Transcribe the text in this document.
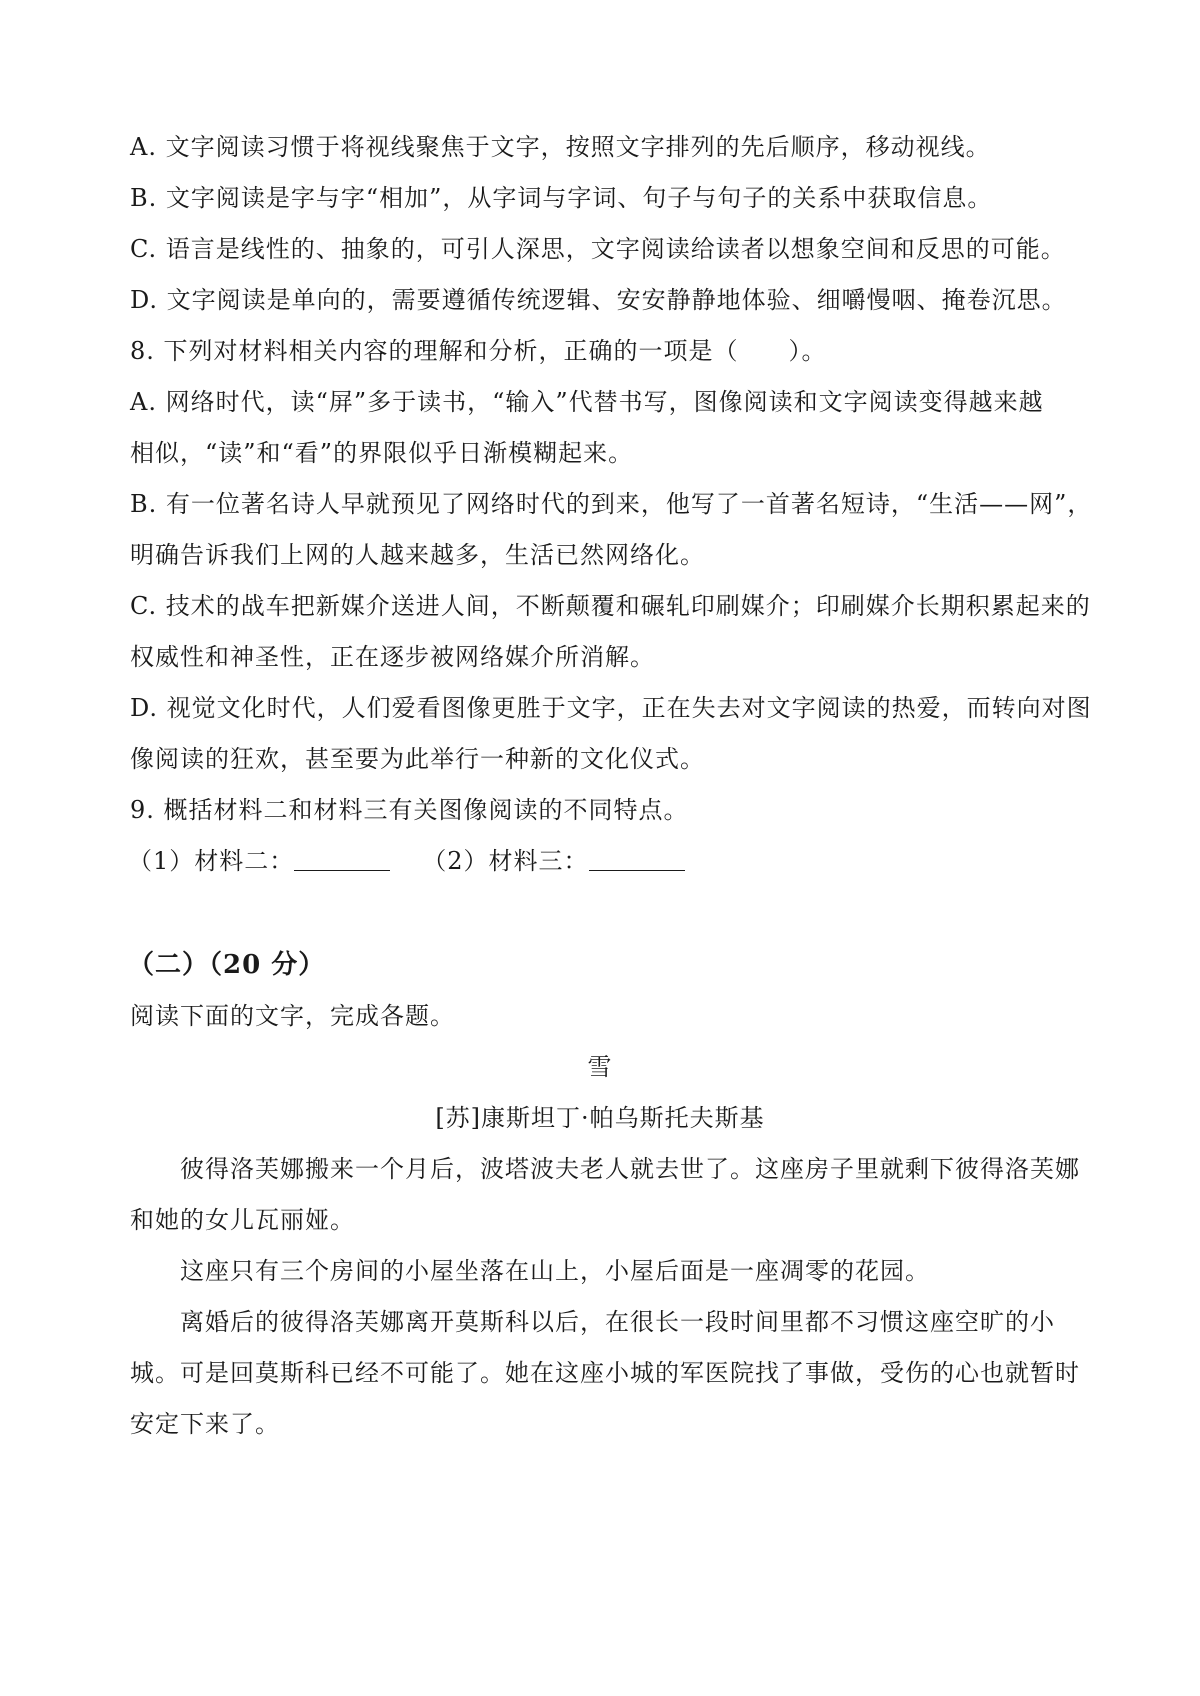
A. 文字阅读习惯于将视线聚焦于文字，按照文字排列的先后顺序，移动视线。
B. 文字阅读是字与字“相加”，从字词与字词、句子与句子的关系中获取信息。
C. 语言是线性的、抽象的，可引人深思，文字阅读给读者以想象空间和反思的可能。
D. 文字阅读是单向的，需要遵循传统逻辑、安安静静地体验、细嚼慢咽、掩卷沉思。
8. 下列对材料相关内容的理解和分析，正确的一项是（　　）。
A. 网络时代，读“屏”多于读书，“输入”代替书写，图像阅读和文字阅读变得越来越
相似，“读”和“看”的界限似乎日渐模糊起来。
B. 有一位著名诗人早就预见了网络时代的到来，他写了一首著名短诗，“生活——网”，
明确告诉我们上网的人越来越多，生活已然网络化。
C. 技术的战车把新媒介送进人间，不断颠覆和碾轧印刷媒介；印刷媒介长期积累起来的
权威性和神圣性，正在逐步被网络媒介所消解。
D. 视觉文化时代，人们爱看图像更胜于文字，正在失去对文字阅读的热爱，而转向对图
像阅读的狂欢，甚至要为此举行一种新的文化仪式。
9. 概括材料二和材料三有关图像阅读的不同特点。
（1）材料二：	（2）材料三：
（二）（20 分）
阅读下面的文字，完成各题。
雪
[苏]康斯坦丁·帕乌斯托夫斯基
彼得洛芙娜搬来一个月后，波塔波夫老人就去世了。这座房子里就剩下彼得洛芙娜
和她的女儿瓦丽娅。
这座只有三个房间的小屋坐落在山上，小屋后面是一座凋零的花园。
离婚后的彼得洛芙娜离开莫斯科以后，在很长一段时间里都不习惯这座空旷的小
城。可是回莫斯科已经不可能了。她在这座小城的军医院找了事做，受伤的心也就暂时
安定下来了。
